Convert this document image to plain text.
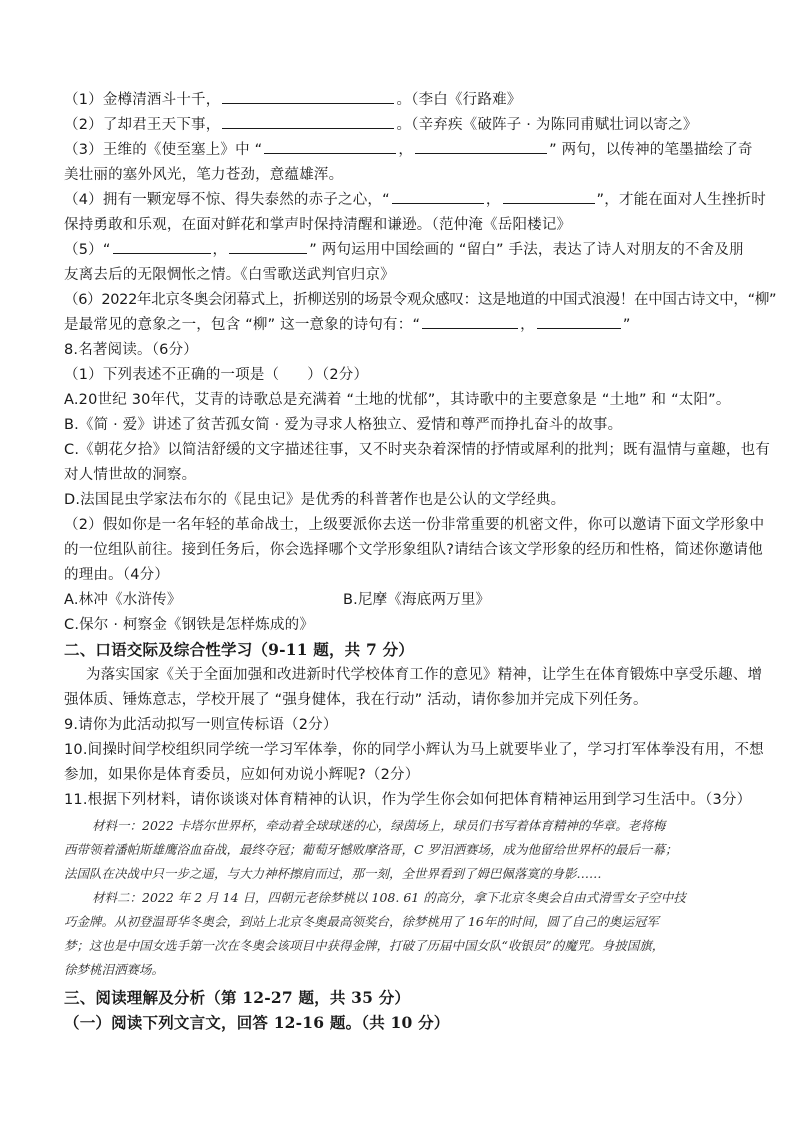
（1）金樽清酒斗十千，	。（李白《行路难》
（2）了却君王天下事，	。（辛弃疾《破阵子 · 为陈同甫赋壮词以寄之》
（3）王维的《使至塞上》中 “	，	” 两句，以传神的笔墨描绘了奇
美壮丽的塞外风光，笔力苍劲，意蕴雄浑。
（4）拥有一颗宠辱不惊、得失泰然的赤子之心，“	，	”，才能在面对人生挫折时
保持勇敢和乐观，在面对鲜花和掌声时保持清醒和谦逊。（范仲淹《岳阳楼记》
（5）“	，	” 两句运用中国绘画的 “留白” 手法，表达了诗人对朋友的不舍及朋
友离去后的无限惆怅之情。《白雪歌送武判官归京》
（6）2022年北京冬奥会闭幕式上，折柳送别的场景令观众感叹：这是地道的中国式浪漫！在中国古诗文中，“柳”
是最常见的意象之一，包含 “柳” 这一意象的诗句有：“	，	”
8.名著阅读。（6分）
（1）下列表述不正确的一项是（ ）（2分）
A.20世纪 30年代，艾青的诗歌总是充满着 “土地的忧郁”，其诗歌中的主要意象是 “土地” 和 “太阳”。
B.《简 · 爱》讲述了贫苦孤女简 · 爱为寻求人格独立、爱情和尊严而挣扎奋斗的故事。
C.《朝花夕拾》以简洁舒缓的文字描述往事，又不时夹杂着深情的抒情或犀利的批判；既有温情与童趣，也有
对人情世故的洞察。
D.法国昆虫学家法布尔的《昆虫记》是优秀的科普著作也是公认的文学经典。
（2）假如你是一名年轻的革命战士，上级要派你去送一份非常重要的机密文件，你可以邀请下面文学形象中
的一位组队前往。接到任务后，你会选择哪个文学形象组队?请结合该文学形象的经历和性格，简述你邀请他
的理由。（4分）
A.林冲《水浒传》	B.尼摩《海底两万里》
C.保尔 · 柯察金《钢铁是怎样炼成的》
二、口语交际及综合性学习（9-11 题，共 7 分）
为落实国家《关于全面加强和改进新时代学校体育工作的意见》精神，让学生在体育锻炼中享受乐趣、增
强体质、锤炼意志，学校开展了 “强身健体，我在行动” 活动，请你参加并完成下列任务。
9.请你为此活动拟写一则宣传标语（2分）
10.间操时间学校组织同学统一学习军体拳，你的同学小辉认为马上就要毕业了，学习打军体拳没有用，不想
参加，如果你是体育委员，应如何劝说小辉呢?（2分）
11.根据下列材料，请你谈谈对体育精神的认识，作为学生你会如何把体育精神运用到学习生活中。（3分）
材料一：2022 卡塔尔世界杯，牵动着全球球迷的心，绿茵场上，球员们书写着体育精神的华章。老将梅
西带领着潘帕斯雄鹰浴血奋战，最终夺冠；葡萄牙憾败摩洛哥，C 罗泪洒赛场，成为他留给世界杯的最后一幕；
法国队在决战中只一步之遥，与大力神杯擦肩而过，那一刻，全世界看到了姆巴佩落寞的身影……
材料二：2022 年 2 月 14 日，四朝元老徐梦桃以 108. 61 的高分，拿下北京冬奥会自由式滑雪女子空中技
巧金牌。从初登温哥华冬奥会，到站上北京冬奥最高领奖台，徐梦桃用了 16年的时间，圆了自己的奥运冠军
梦；这也是中国女选手第一次在冬奥会该项目中获得金牌，打破了历届中国女队“收银员”的魔咒。身披国旗，
徐梦桃泪洒赛场。
三、阅读理解及分析（第 12-27 题，共 35 分）
（一）阅读下列文言文，回答 12-16 题。（共 10 分）
